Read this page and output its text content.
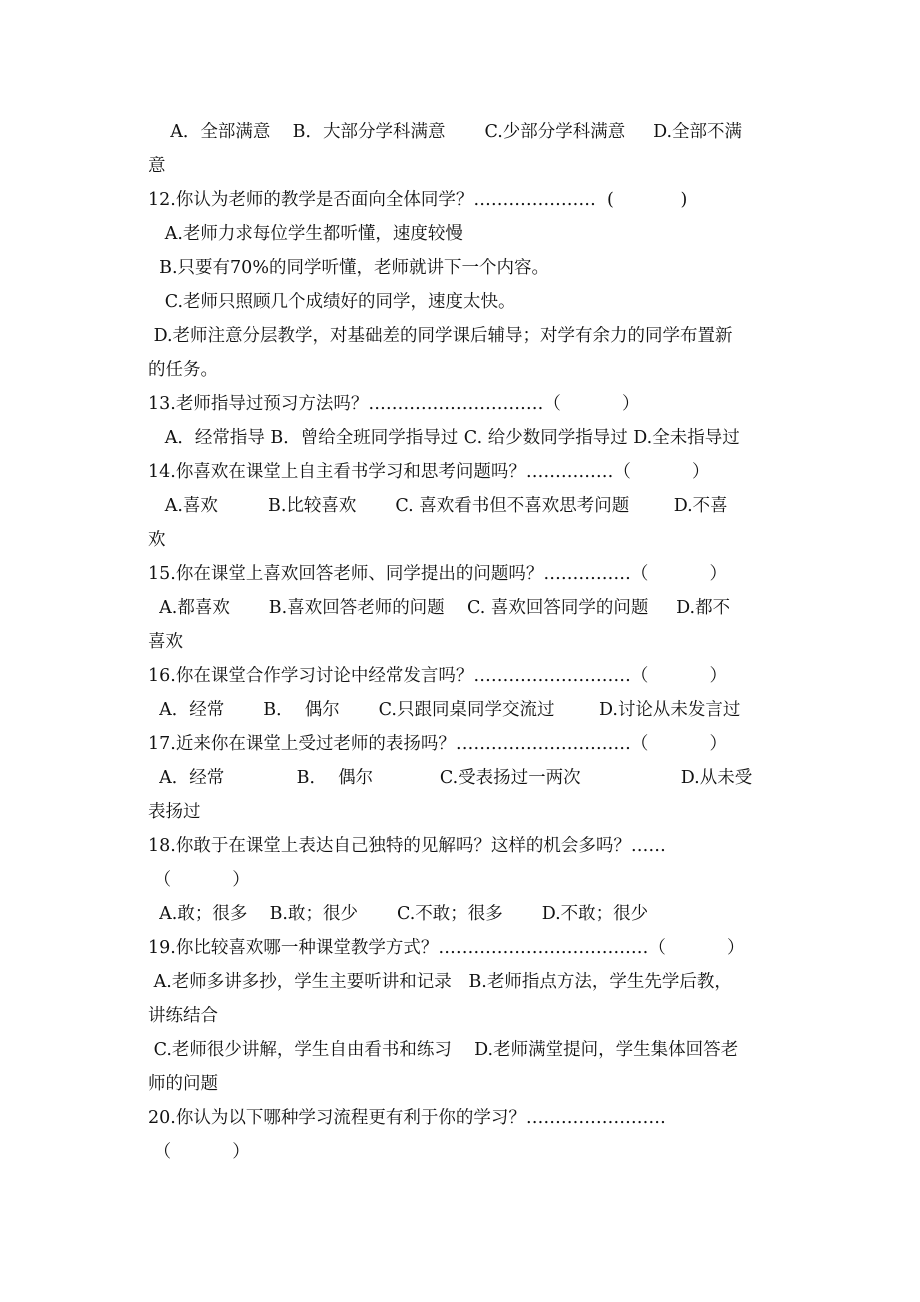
A．全部满意    B．大部分学科满意       C.少部分学科满意     D.全部不满
意
12.你认为老师的教学是否面向全体同学？…………………  (            )
A.老师力求每位学生都听懂，速度较慢
B.只要有70%的同学听懂，老师就讲下一个内容。
C.老师只照顾几个成绩好的同学，速度太快。
D.老师注意分层教学，对基础差的同学课后辅导；对学有余力的同学布置新
的任务。
13.老师指导过预习方法吗？…………………………（           ）
A．经常指导 B．曾给全班同学指导过 C. 给少数同学指导过 D.全未指导过
14.你喜欢在课堂上自主看书学习和思考问题吗？……………（           ）
A.喜欢         B.比较喜欢       C. 喜欢看书但不喜欢思考问题        D.不喜
欢
15.你在课堂上喜欢回答老师、同学提出的问题吗？……………（           ）
A.都喜欢       B.喜欢回答老师的问题    C. 喜欢回答同学的问题     D.都不
喜欢
16.你在课堂合作学习讨论中经常发言吗？………………………（           ）
A．经常       B．  偶尔       C.只跟同桌同学交流过        D.讨论从未发言过
17.近来你在课堂上受过老师的表扬吗？…………………………（           ）
A．经常             B．  偶尔            C.受表扬过一两次                  D.从未受
表扬过
18.你敢于在课堂上表达自己独特的见解吗？这样的机会多吗？……
（           ）
A.敢；很多    B.敢；很少       C.不敢；很多       D.不敢；很少
19.你比较喜欢哪一种课堂教学方式？………………………………（           ）
A.老师多讲多抄，学生主要听讲和记录   B.老师指点方法，学生先学后教，
讲练结合
C.老师很少讲解，学生自由看书和练习    D.老师满堂提问，学生集体回答老
师的问题
20.你认为以下哪种学习流程更有利于你的学习？……………………
（           ）
